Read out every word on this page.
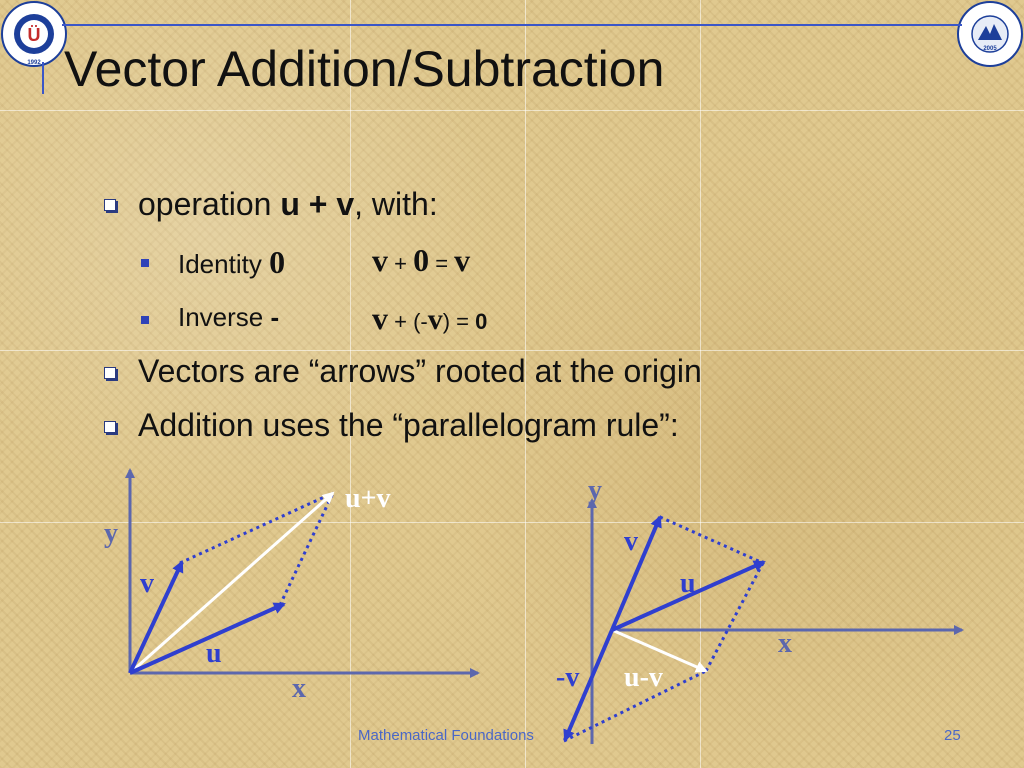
Ü
1992
2005
Vector Addition/Subtraction
operation u + v, with:
Identity 0	v + 0 = v
Inverse -	v + (-v) = 0
Vectors are “arrows” rooted at the origin
Addition uses the “parallelogram rule”:
y
x
v
u
u+v	y
x
v
u
-v u-v
Mathematical Foundations	25
